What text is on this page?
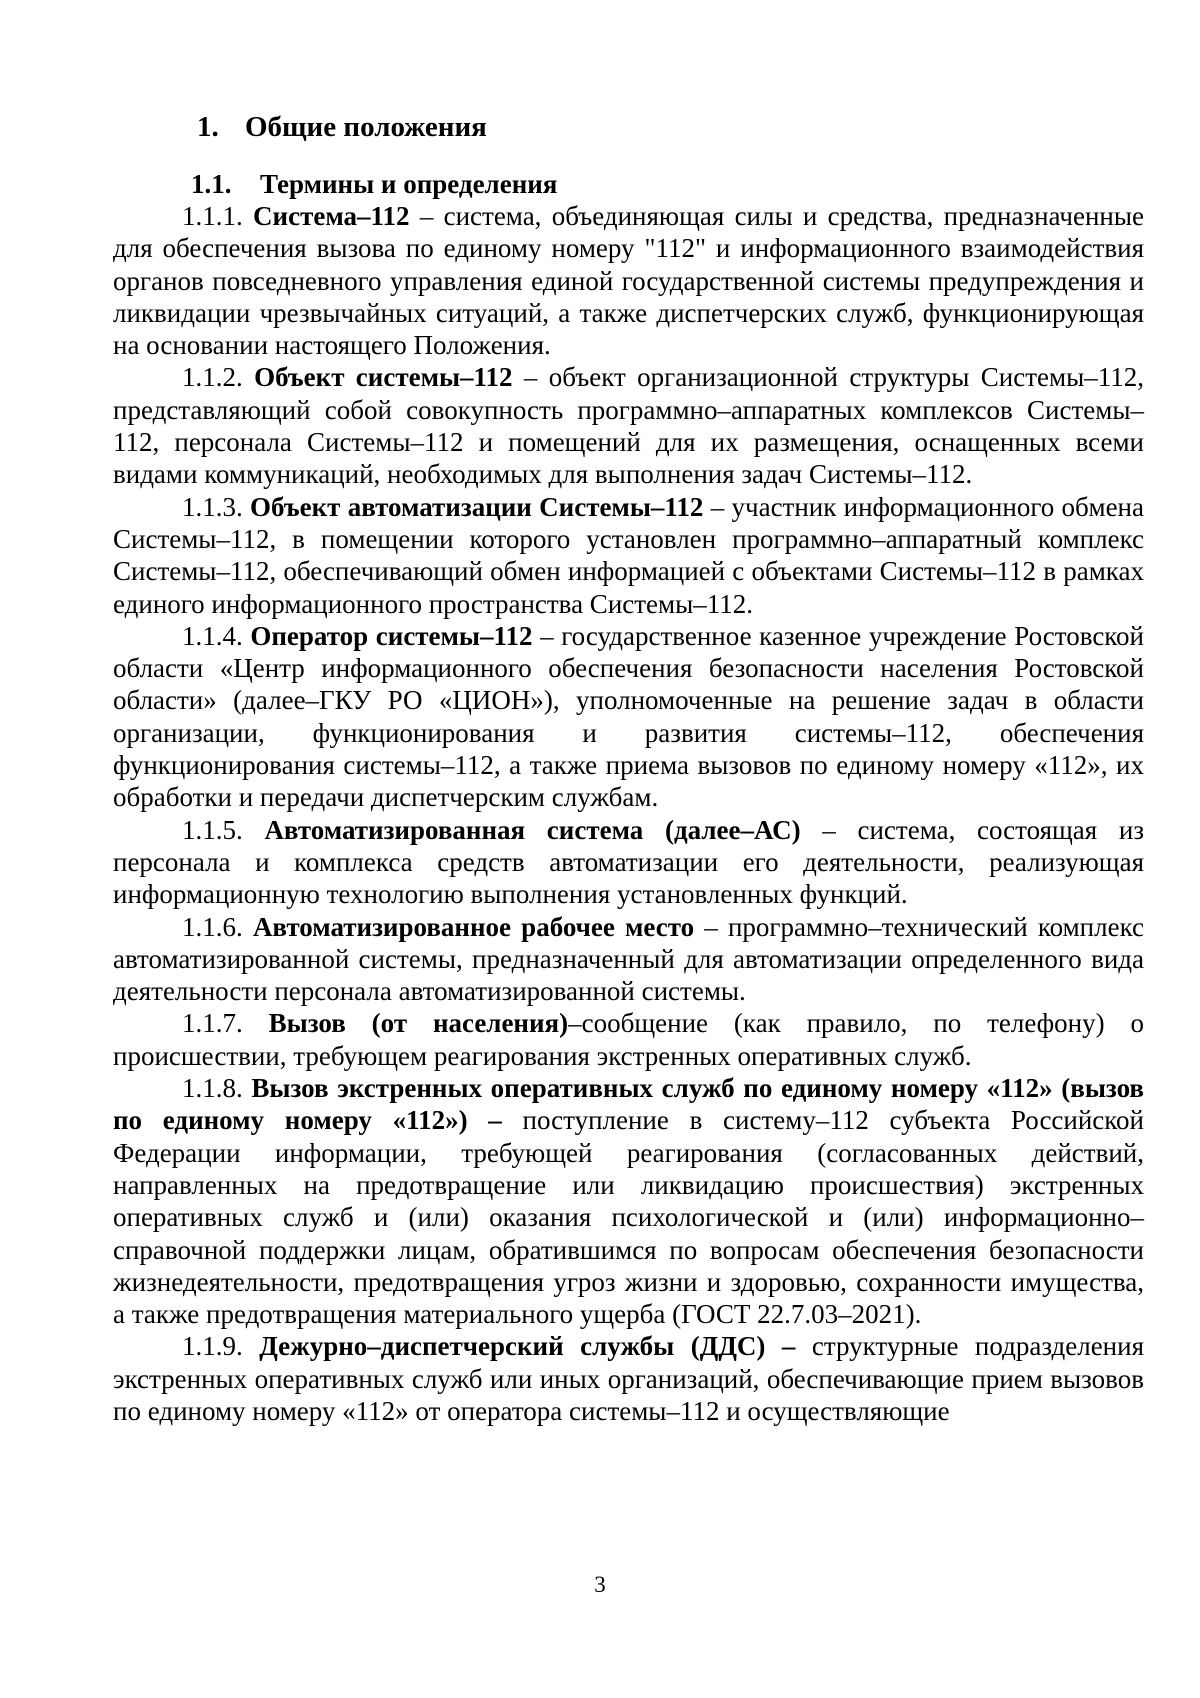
1. Общие положения
1.1. Термины и определения

1.1.1. Система–112 – система, объединяющая силы и средства, предназначенные для обеспечения вызова по единому номеру "112" и информационного взаимодействия органов повседневного управления единой государственной системы предупреждения и ликвидации чрезвычайных ситуаций, а также диспетчерских служб, функционирующая на основании настоящего Положения.

1.1.2. Объект системы–112 – объект организационной структуры Системы–112, представляющий собой совокупность программно–аппаратных комплексов Системы–112, персонала Системы–112 и помещений для их размещения, оснащенных всеми видами коммуникаций, необходимых для выполнения задач Системы–112.

1.1.3. Объект автоматизации Системы–112 – участник информационного обмена Системы–112, в помещении которого установлен программно–аппаратный комплекс Системы–112, обеспечивающий обмен информацией с объектами Системы–112 в рамках единого информационного пространства Системы–112.

1.1.4. Оператор системы–112 – государственное казенное учреждение Ростовской области «Центр информационного обеспечения безопасности населения Ростовской области» (далее–ГКУ РО «ЦИОН»), уполномоченные на решение задач в области организации, функционирования и развития системы–112, обеспечения функционирования системы–112, а также приема вызовов по единому номеру «112», их обработки и передачи диспетчерским службам.

1.1.5. Автоматизированная система (далее–АС) – система, состоящая из персонала и комплекса средств автоматизации его деятельности, реализующая информационную технологию выполнения установленных функций.

1.1.6. Автоматизированное рабочее место – программно–технический комплекс автоматизированной системы, предназначенный для автоматизации определенного вида деятельности персонала автоматизированной системы.

1.1.7. Вызов (от населения)–сообщение (как правило, по телефону) о происшествии, требующем реагирования экстренных оперативных служб.

1.1.8. Вызов экстренных оперативных служб по единому номеру «112» (вызов по единому номеру «112») – поступление в систему–112 субъекта Российской Федерации информации, требующей реагирования (согласованных действий, направленных на предотвращение или ликвидацию происшествия) экстренных оперативных служб и (или) оказания психологической и (или) информационно–справочной поддержки лицам, обратившимся по вопросам обеспечения безопасности жизнедеятельности, предотвращения угроз жизни и здоровью, сохранности имущества, а также предотвращения материального ущерба (ГОСТ 22.7.03–2021).

1.1.9. Дежурно–диспетчерский службы (ДДС) – структурные подразделения экстренных оперативных служб или иных организаций, обеспечивающие прием вызовов по единому номеру «112» от оператора системы–112 и осуществляющие

3
